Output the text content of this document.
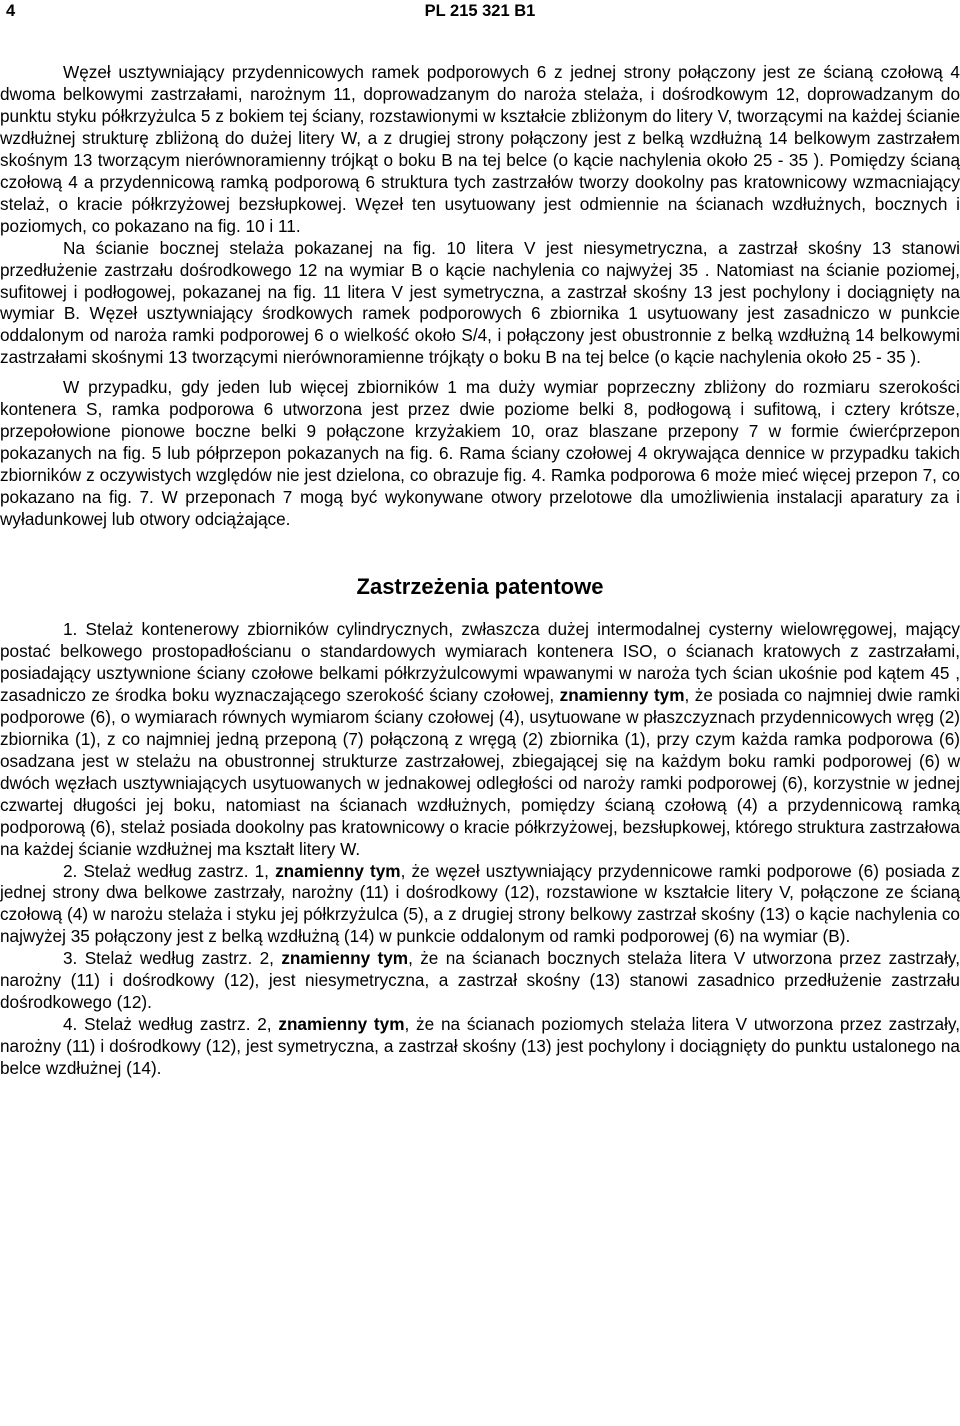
4	PL 215 321 B1

Węzeł usztywniający przydennicowych ramek podporowych 6 z jednej strony połączony jest ze ścianą czołową 4 dwoma belkowymi zastrzałami, narożnym 11, doprowadzanym do naroża stelaża, i dośrodkowym 12, doprowadzanym do punktu styku półkrzyżulca 5 z bokiem tej ściany, rozstawionymi w kształcie zbliżonym do litery V, tworzącymi na każdej ścianie wzdłużnej strukturę zbliżoną do dużej litery W, a z drugiej strony połączony jest z belką wzdłużną 14 belkowym zastrzałem skośnym 13 tworzącym nierównoramienny trójkąt o boku B na tej belce (o kącie nachylenia około 25 - 35 ). Pomiędzy ścianą czołową 4 a przydennicową ramką podporową 6 struktura tych zastrzałów tworzy dookolny pas kratownicowy wzmacniający stelaż, o kracie półkrzyżowej bezsłupkowej. Węzeł ten usytuowany jest odmiennie na ścianach wzdłużnych, bocznych i poziomych, co pokazano na fig. 10 i 11.

Na ścianie bocznej stelaża pokazanej na fig. 10 litera V jest niesymetryczna, a zastrzał skośny 13 stanowi przedłużenie zastrzału dośrodkowego 12 na wymiar B o kącie nachylenia co najwyżej 35 . Natomiast na ścianie poziomej, sufitowej i podłogowej, pokazanej na fig. 11 litera V jest symetryczna, a zastrzał skośny 13 jest pochylony i dociągnięty na wymiar B. Węzeł usztywniający środkowych ramek podporowych 6 zbiornika 1 usytuowany jest zasadniczo w punkcie oddalonym od naroża ramki podporowej 6 o wielkość około S/4, i połączony jest obustronnie z belką wzdłużną 14 belkowymi zastrzałami skośnymi 13 tworzącymi nierównoramienne trójkąty o boku B na tej belce (o kącie nachylenia około 25 - 35 ).

W przypadku, gdy jeden lub więcej zbiorników 1 ma duży wymiar poprzeczny zbliżony do rozmiaru szerokości kontenera S, ramka podporowa 6 utworzona jest przez dwie poziome belki 8, podłogową i sufitową, i cztery krótsze, przepołowione pionowe boczne belki 9 połączone krzyżakiem 10, oraz blaszane przepony 7 w formie ćwierćprzepon pokazanych na fig. 5 lub półprzepon pokazanych na fig. 6. Rama ściany czołowej 4 okrywająca dennice w przypadku takich zbiorników z oczywistych względów nie jest dzielona, co obrazuje fig. 4. Ramka podporowa 6 może mieć więcej przepon 7, co pokazano na fig. 7. W przeponach 7 mogą być wykonywane otwory przelotowe dla umożliwienia instalacji aparatury za i wyładunkowej lub otwory odciążające.

Zastrzeżenia patentowe

1. Stelaż kontenerowy zbiorników cylindrycznych, zwłaszcza dużej intermodalnej cysterny wielowręgowej, mający postać belkowego prostopadłościanu o standardowych wymiarach kontenera ISO, o ścianach kratowych z zastrzałami, posiadający usztywnione ściany czołowe belkami półkrzyżulcowymi wpawanymi w naroża tych ścian ukośnie pod kątem 45 , zasadniczo ze środka boku wyznaczającego szerokość ściany czołowej, znamienny tym, że posiada co najmniej dwie ramki podporowe (6), o wymiarach równych wymiarom ściany czołowej (4), usytuowane w płaszczyznach przydennicowych wręg (2) zbiornika (1), z co najmniej jedną przeponą (7) połączoną z wręgą (2) zbiornika (1), przy czym każda ramka podporowa (6) osadzana jest w stelażu na obustronnej strukturze zastrzałowej, zbiegającej się na każdym boku ramki podporowej (6) w dwóch węzłach usztywniających usytuowanych w jednakowej odległości od naroży ramki podporowej (6), korzystnie w jednej czwartej długości jej boku, natomiast na ścianach wzdłużnych, pomiędzy ścianą czołową (4) a przydennicową ramką podporową (6), stelaż posiada dookolny pas kratownicowy o kracie półkrzyżowej, bezsłupkowej, którego struktura zastrzałowa na każdej ścianie wzdłużnej ma kształt litery W.

2. Stelaż według zastrz. 1, znamienny tym, że węzeł usztywniający przydennicowe ramki podporowe (6) posiada z jednej strony dwa belkowe zastrzały, narożny (11) i dośrodkowy (12), rozstawione w kształcie litery V, połączone ze ścianą czołową (4) w narożu stelaża i styku jej półkrzyżulca (5), a z drugiej strony belkowy zastrzał skośny (13) o kącie nachylenia co najwyżej 35 połączony jest z belką wzdłużną (14) w punkcie oddalonym od ramki podporowej (6) na wymiar (B).

3. Stelaż według zastrz. 2, znamienny tym, że na ścianach bocznych stelaża litera V utworzona przez zastrzały, narożny (11) i dośrodkowy (12), jest niesymetryczna, a zastrzał skośny (13) stanowi zasadnico przedłużenie zastrzału dośrodkowego (12).

4. Stelaż według zastrz. 2, znamienny tym, że na ścianach poziomych stelaża litera V utworzona przez zastrzały, narożny (11) i dośrodkowy (12), jest symetryczna, a zastrzał skośny (13) jest pochylony i dociągnięty do punktu ustalonego na belce wzdłużnej (14).
